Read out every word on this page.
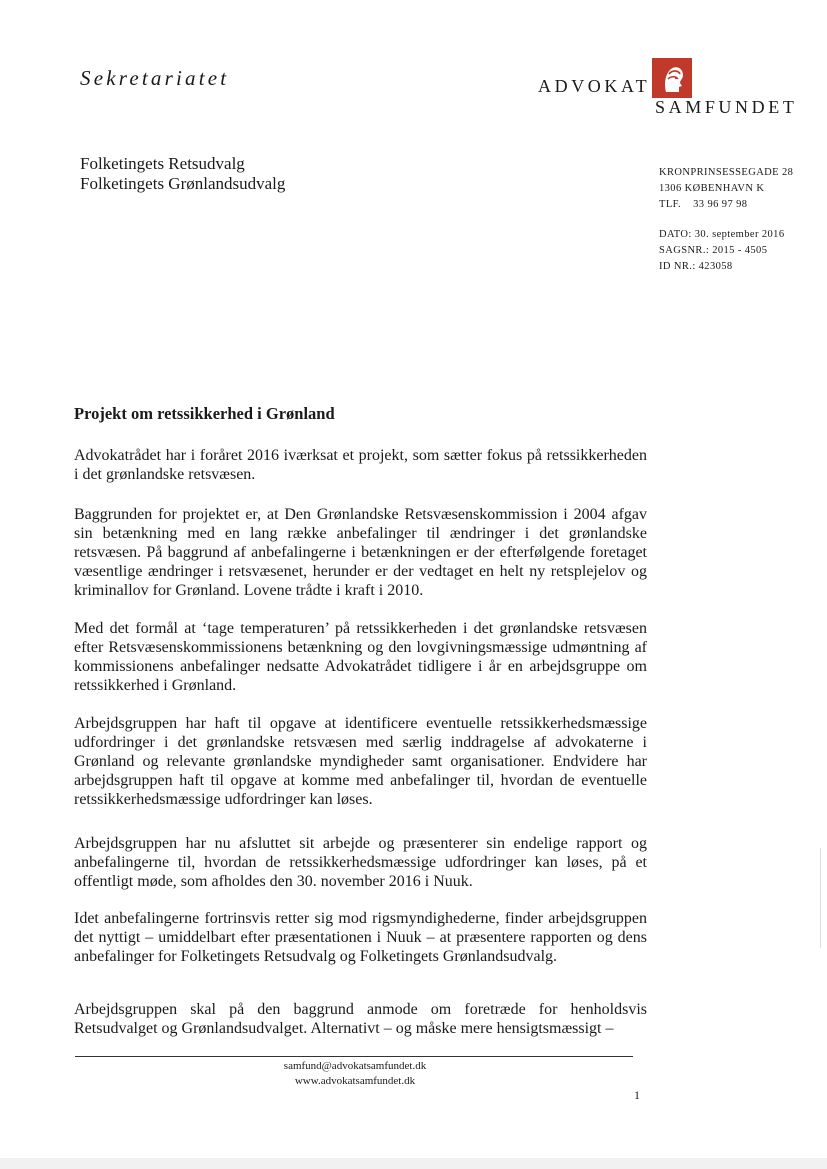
Sekretariatet	ADVOKAT
SAMFUNDET
Folketingets Retsudvalg
Folketingets Grønlandsudvalg
KRONPRINSESSEGADE 28
1306 KØBENHAVN K
TLF.    33 96 97 98
DATO: 30. september 2016
SAGSNR.: 2015 - 4505
ID NR.: 423058
Projekt om retssikkerhed i Grønland
Advokatrådet har i foråret 2016 iværksat et projekt, som sætter fokus på retssikkerheden i det grønlandske retsvæsen.
Baggrunden for projektet er, at Den Grønlandske Retsvæsenskommission i 2004 afgav sin betænkning med en lang række anbefalinger til ændringer i det grønlandske retsvæsen. På baggrund af anbefalingerne i betænkningen er der efterfølgende foretaget væsentlige ændringer i retsvæsenet, herunder er der vedtaget en helt ny retsplejelov og kriminallov for Grønland. Lovene trådte i kraft i 2010.
Med det formål at ‘tage temperaturen’ på retssikkerheden i det grønlandske retsvæsen efter Retsvæsenskommissionens betænkning og den lovgivningsmæssige udmøntning af kommissionens anbefalinger nedsatte Advokatrådet tidligere i år en arbejdsgruppe om retssikkerhed i Grønland.
Arbejdsgruppen har haft til opgave at identificere eventuelle retssikkerhedsmæssige udfordringer i det grønlandske retsvæsen med særlig inddragelse af advokaterne i Grønland og relevante grønlandske myndigheder samt organisationer. Endvidere har arbejdsgruppen haft til opgave at komme med anbefalinger til, hvordan de eventuelle retssikkerhedsmæssige udfordringer kan løses.
Arbejdsgruppen har nu afsluttet sit arbejde og præsenterer sin endelige rapport og anbefalingerne til, hvordan de retssikkerhedsmæssige udfordringer kan løses, på et offentligt møde, som afholdes den 30. november 2016 i Nuuk.
Idet anbefalingerne fortrinsvis retter sig mod rigsmyndighederne, finder arbejdsgruppen det nyttigt – umiddelbart efter præsentationen i Nuuk – at præsentere rapporten og dens anbefalinger for Folketingets Retsudvalg og Folketingets Grønlandsudvalg.
Arbejdsgruppen skal på den baggrund anmode om foretræde for henholdsvis Retsudvalget og Grønlandsudvalget. Alternativt – og måske mere hensigtsmæssigt –
samfund@advokatsamfundet.dk
www.advokatsamfundet.dk
1
